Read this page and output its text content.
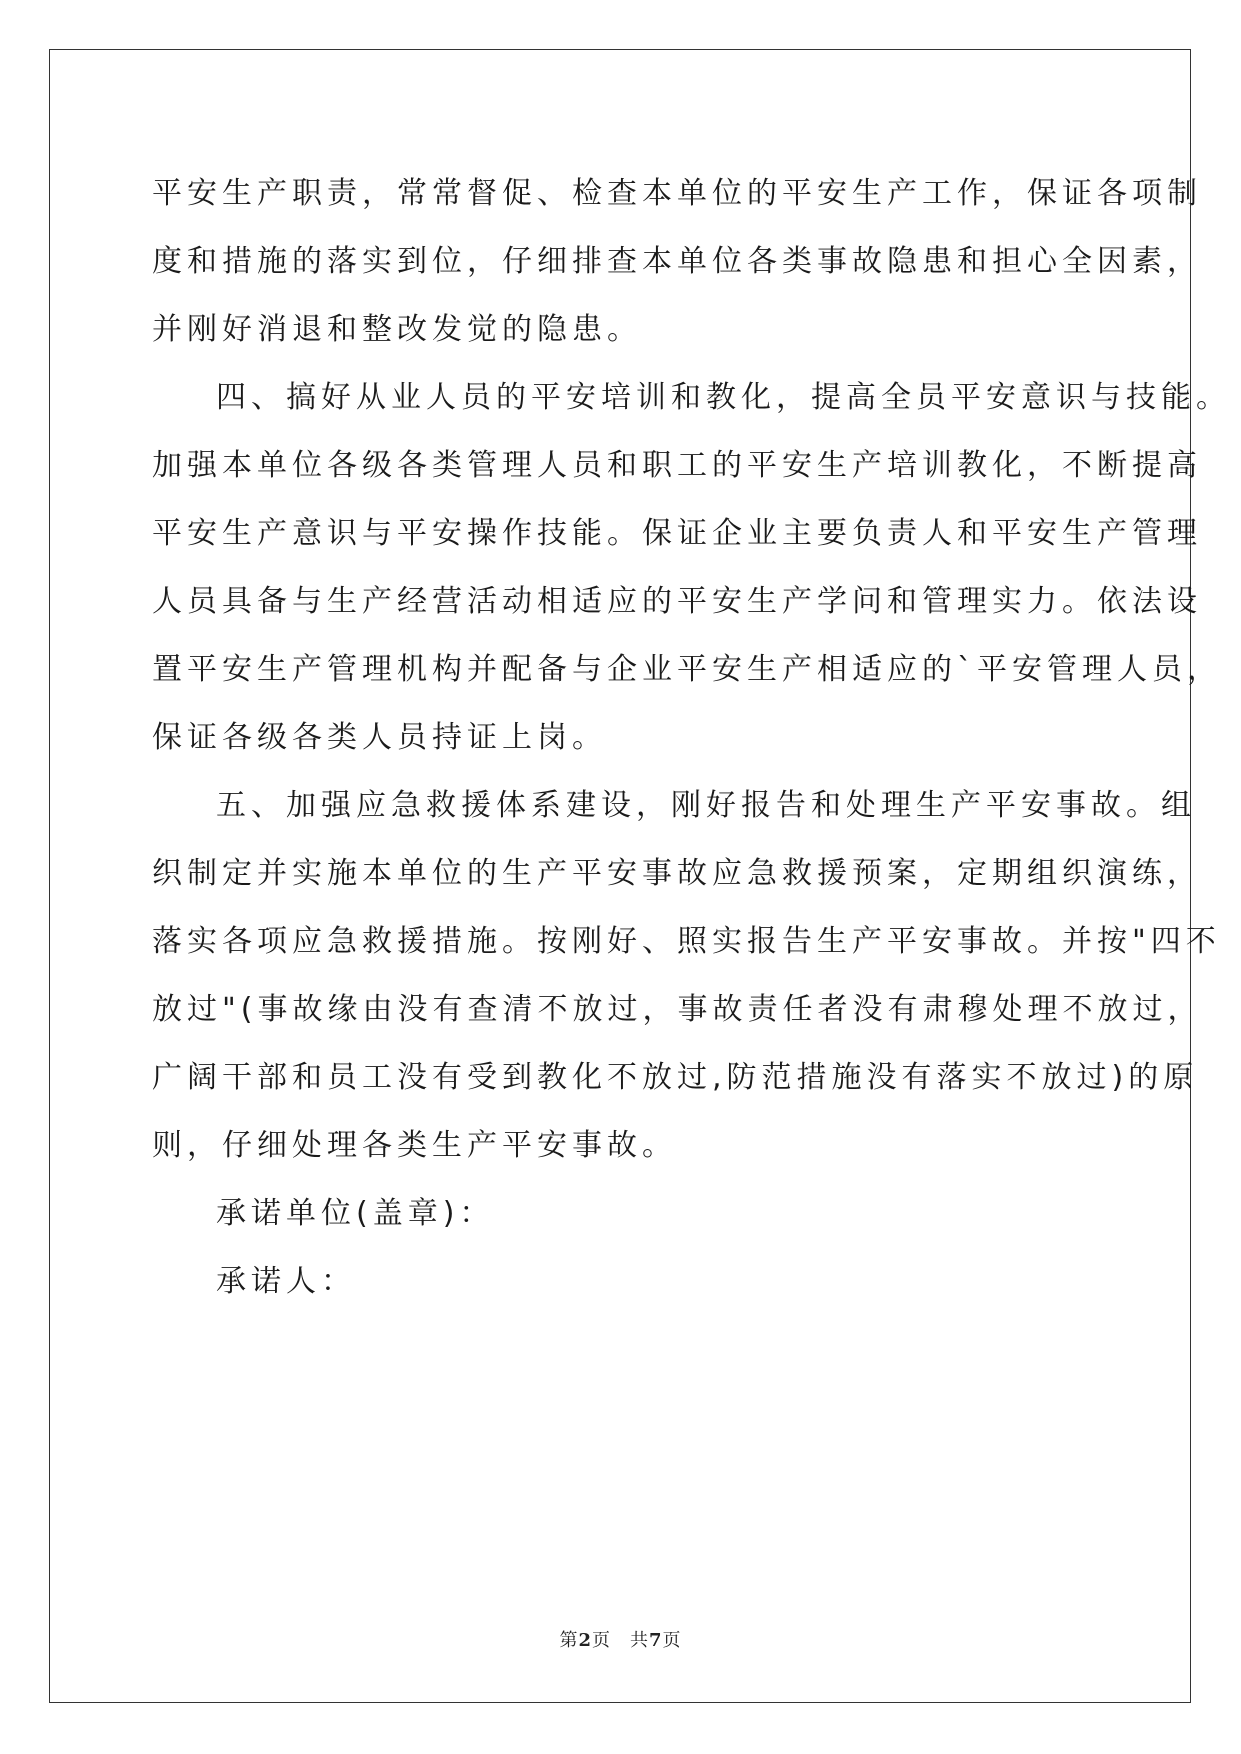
平安生产职责，常常督促、检查本单位的平安生产工作，保证各项制

度和措施的落实到位，仔细排查本单位各类事故隐患和担心全因素，

并刚好消退和整改发觉的隐患。

四、搞好从业人员的平安培训和教化，提高全员平安意识与技能。

加强本单位各级各类管理人员和职工的平安生产培训教化，不断提高

平安生产意识与平安操作技能。保证企业主要负责人和平安生产管理

人员具备与生产经营活动相适应的平安生产学问和管理实力。依法设

置平安生产管理机构并配备与企业平安生产相适应的`平安管理人员，

保证各级各类人员持证上岗。

五、加强应急救援体系建设，刚好报告和处理生产平安事故。组

织制定并实施本单位的生产平安事故应急救援预案，定期组织演练，

落实各项应急救援措施。按刚好、照实报告生产平安事故。并按"四不

放过"(事故缘由没有查清不放过，事故责任者没有肃穆处理不放过，

广阔干部和员工没有受到教化不放过,防范措施没有落实不放过)的原

则，仔细处理各类生产平安事故。

承诺单位(盖章)：

承诺人：

第2页　共7页
